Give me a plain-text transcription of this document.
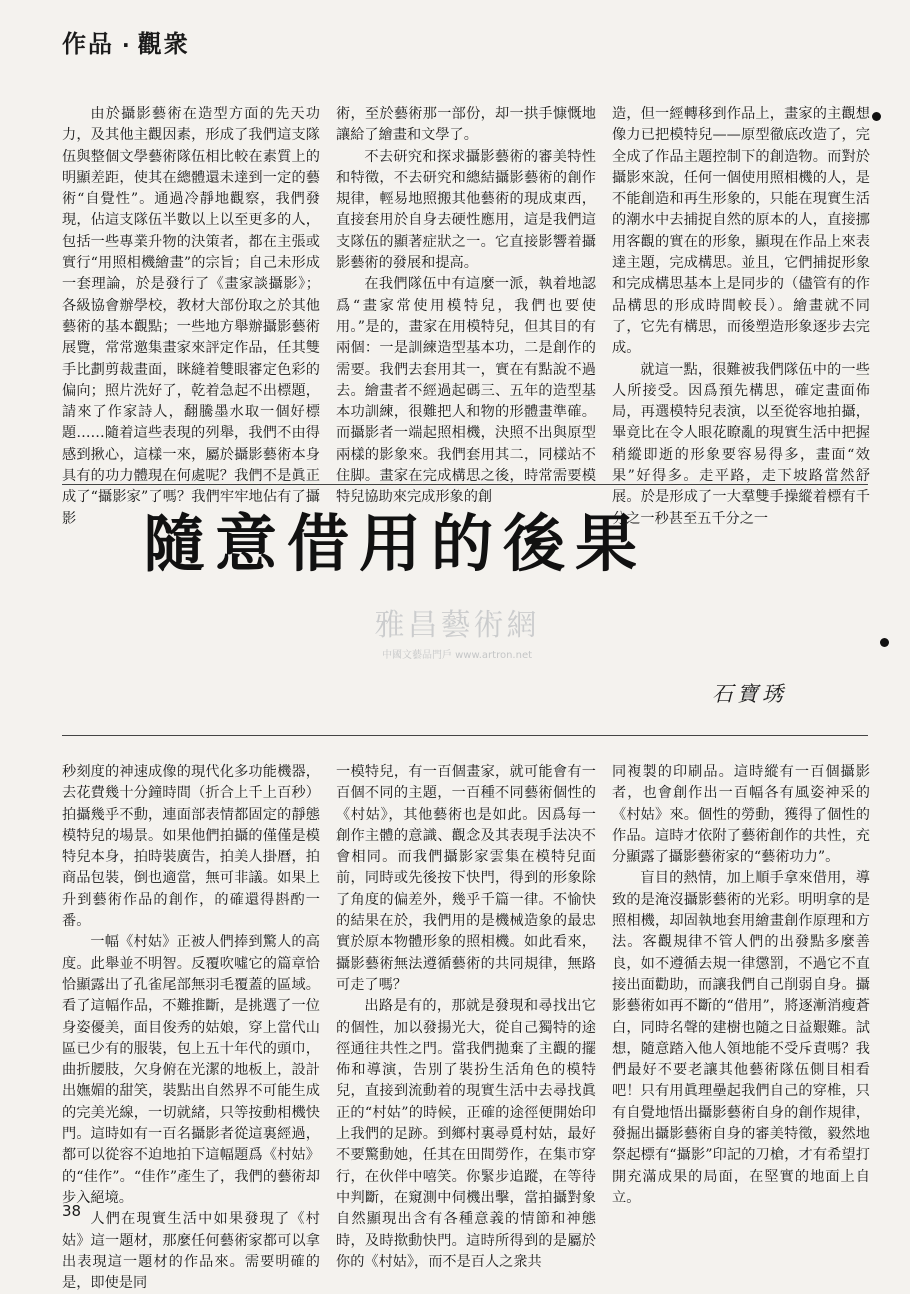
作品 · 觀衆

由於攝影藝術在造型方面的先天功力，及其他主觀因素，形成了我們這支隊伍與整個文學藝術隊伍相比較在素質上的明顯差距，使其在總體還未達到一定的藝術“自覺性”。通過冷靜地觀察，我們發現，佔這支隊伍半數以上以至更多的人，包括一些專業升物的決策者，都在主張或實行“用照相機繪畫”的宗旨；自己未形成一套理論，於是發行了《畫家談攝影》；各級協會辦學校，教材大部份取之於其他藝術的基本觀點；一些地方舉辦攝影藝術展覽，常常邀集畫家來評定作品，任其雙手比劃剪裁畫面，眯縫着雙眼審定色彩的偏向；照片洗好了，乾着急起不出標題，請來了作家詩人，翻騰墨水取一個好標題……隨着這些表現的列舉，我們不由得感到揪心，這樣一來，屬於攝影藝術本身具有的功力體現在何處呢？我們不是眞正成了“攝影家”了嗎？我們牢牢地佔有了攝影

術，至於藝術那一部份，却一拱手慷慨地讓給了繪畫和文學了。

不去研究和探求攝影藝術的審美特性和特徵，不去研究和總結攝影藝術的創作規律，輕易地照搬其他藝術的現成東西，直接套用於自身去硬性應用，這是我們這支隊伍的顯著症狀之一。它直接影響着攝影藝術的發展和提高。

在我們隊伍中有這麼一派，執着地認爲“畫家常使用模特兒，我們也要使用。”是的，畫家在用模特兒，但其目的有兩個：一是訓練造型基本功，二是創作的需要。我們去套用其一，實在有點說不過去。繪畫者不經過起碼三、五年的造型基本功訓練，很難把人和物的形體畫準確。而攝影者一端起照相機，決照不出與原型兩樣的影象來。我們套用其二，同樣站不住脚。畫家在完成構思之後，時常需要模特兒協助來完成形象的創

造，但一經轉移到作品上，畫家的主觀想像力已把模特兒——原型徹底改造了，完全成了作品主題控制下的創造物。而對於攝影來說，任何一個使用照相機的人，是不能創造和再生形象的，只能在現實生活的潮水中去捕捉自然的原本的人，直接挪用客觀的實在的形象，顯現在作品上來表達主題，完成構思。並且，它們捕捉形象和完成構思基本上是同步的（儘管有的作品構思的形成時間較長）。繪畫就不同了，它先有構思，而後塑造形象逐步去完成。

就這一點，很難被我們隊伍中的一些人所接受。因爲預先構思，確定畫面佈局，再選模特兒表演，以至從容地拍攝，畢竟比在令人眼花瞭亂的現實生活中把握稍縱即逝的形象要容易得多，畫面“效果”好得多。走平路，走下坡路當然舒展。於是形成了一大羣雙手操縱着標有千分之一秒甚至五千分之一

隨意借用的後果
雅昌藝術網
中國文藝品門戶 www.artron.net
石寶琇

秒刻度的神速成像的現代化多功能機器，去花費幾十分鐘時間（折合上千上百秒）拍攝幾乎不動，連面部表情都固定的靜態模特兒的場景。如果他們拍攝的僅僅是模特兒本身，拍時裝廣告，拍美人掛曆，拍商品包裝，倒也適當，無可非議。如果上升到藝術作品的創作，的確還得斟酌一番。

一幅《村姑》正被人們捧到驚人的高度。此舉並不明智。反覆吹噓它的篇章恰恰顯露出了孔雀尾部無羽毛覆蓋的區域。看了這幅作品，不難推斷，是挑選了一位身姿優美，面目俊秀的姑娘，穿上當代山區已少有的服裝，包上五十年代的頭巾，曲折腰肢，欠身俯在光潔的地板上，設計出嫵媚的甜笑，裝點出自然界不可能生成的完美光線，一切就緒，只等按動相機快門。這時如有一百名攝影者從這裏經過，都可以從容不迫地拍下這幅題爲《村姑》的“佳作”。“佳作”產生了，我們的藝術却步入絕境。

人們在現實生活中如果發現了《村姑》這一題材，那麼任何藝術家都可以拿出表現這一題材的作品來。需要明確的是，即使是同

一模特兒，有一百個畫家，就可能會有一百個不同的主題，一百種不同藝術個性的《村姑》，其他藝術也是如此。因爲每一創作主體的意識、觀念及其表現手法决不會相同。而我們攝影家雲集在模特兒面前，同時或先後按下快門，得到的形象除了角度的偏差外，幾乎千篇一律。不愉快的結果在於，我們用的是機械造象的最忠實於原本物體形象的照相機。如此看來，攝影藝術無法遵循藝術的共同規律，無路可走了嗎？

出路是有的，那就是發現和尋找出它的個性，加以發揚光大，從自己獨特的途徑通往共性之門。當我們拋棄了主觀的擺佈和導演，告別了裝扮生活角色的模特兒，直接到流動着的現實生活中去尋找眞正的“村姑”的時候，正確的途徑便開始印上我們的足跡。到鄉村裏尋覓村姑，最好不要驚動她，任其在田間勞作，在集市穿行，在伙伴中嘻笑。你緊步追蹤，在等待中判斷，在窺測中伺機出擊，當拍攝對象自然顯現出含有各種意義的情節和神態時，及時揿動快門。這時所得到的是屬於你的《村姑》，而不是百人之衆共

同複製的印刷品。這時縱有一百個攝影者，也會創作出一百幅各有風姿神采的《村姑》來。個性的勞動，獲得了個性的作品。這時才依附了藝術創作的共性，充分顯露了攝影藝術家的“藝術功力”。

盲目的熱情，加上順手拿來借用，導致的是淹沒攝影藝術的光彩。明明拿的是照相機，却固執地套用繪畫創作原理和方法。客觀規律不管人們的出發點多麼善良，如不遵循去規一律懲罰，不過它不直接出面勸助，而讓我們自己削弱自身。攝影藝術如再不斷的“借用”，將逐漸消瘦蒼白，同時名聲的建樹也隨之日益艱難。試想，隨意踏入他人領地能不受斥責嗎？我們最好不要老讓其他藝術隊伍側目相看吧！只有用眞理壘起我們自己的穿椎，只有自覺地悟出攝影藝術自身的創作規律，發掘出攝影藝術自身的審美特徵，毅然地祭起標有“攝影”印記的刀槍，才有希望打開充滿成果的局面，在堅實的地面上自立。

38
